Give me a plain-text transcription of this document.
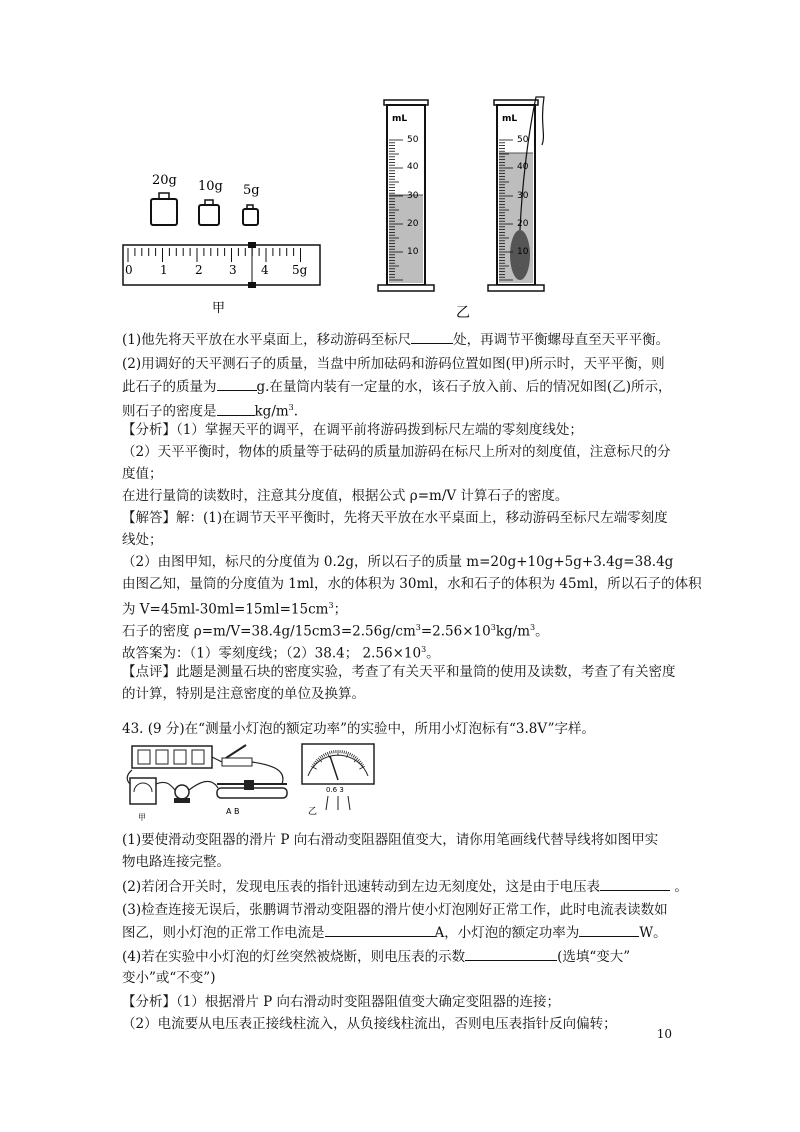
20g 10g 5g
0 1 2 3 4 5g
甲
mL
50
40
30
20
10
mL
50
40
30
20
10
乙
(1)他先将天平放在水平桌面上，移动游码至标尺	处，再调节平衡螺母直至天平平衡。
(2)用调好的天平测石子的质量，当盘中所加砝码和游码位置如图(甲)所示时，天平平衡，则
此石子的质量为	g.在量筒内装有一定量的水，该石子放入前、后的情况如图(乙)所示，
则石子的密度是	$kg/m^3$.
【分析】（1）掌握天平的调平，在调平前将游码拨到标尺左端的零刻度线处；
（2）天平平衡时，物体的质量等于砝码的质量加游码在标尺上所对的刻度值，注意标尺的分
度值；
在进行量筒的读数时，注意其分度值，根据公式 ρ=m/V 计算石子的密度。
【解答】解：(1)在调节天平平衡时，先将天平放在水平桌面上，移动游码至标尺左端零刻度
线处；
（2）由图甲知，标尺的分度值为 0.2g，所以石子的质量 m=20g+10g+5g+3.4g=38.4g
由图乙知，量筒的分度值为 1ml，水的体积为 30ml，水和石子的体积为 45ml，所以石子的体积
为 $V=45ml-30ml=15ml=15cm^3$；
石子的密度 $\rho=m/V=38.4g/15cm3=2.56g/cm^3=2.56\times 10^3kg/m^3$。
故答案为：（1）零刻度线；（2）38.4； $2.56\times 10^3$。
【点评】此题是测量石块的密度实验，考查了有关天平和量筒的使用及读数，考查了有关密度
的计算，特别是注意密度的单位及换算。
43. (9 分)在“测量小灯泡的额定功率”的实验中，所用小灯泡标有“3.8V”字样。
A B
甲
0.6 3
乙
(1)要使滑动变阻器的滑片 P 向右滑动变阻器阻值变大，请你用笔画线代替导线将如图甲实
物电路连接完整。
(2)若闭合开关时，发现电压表的指针迅速转动到左边无刻度处，这是由于电压表	。
(3)检查连接无误后，张鹏调节滑动变阻器的滑片使小灯泡刚好正常工作，此时电流表读数如
图乙，则小灯泡的正常工作电流是	A，小灯泡的额定功率为	W。
(4)若在实验中小灯泡的灯丝突然被烧断，则电压表的示数	(选填“变大”
变小”或“不变”)
【分析】（1）根据滑片 P 向右滑动时变阻器阻值变大确定变阻器的连接；
（2）电流要从电压表正接线柱流入，从负接线柱流出，否则电压表指针反向偏转；
10
